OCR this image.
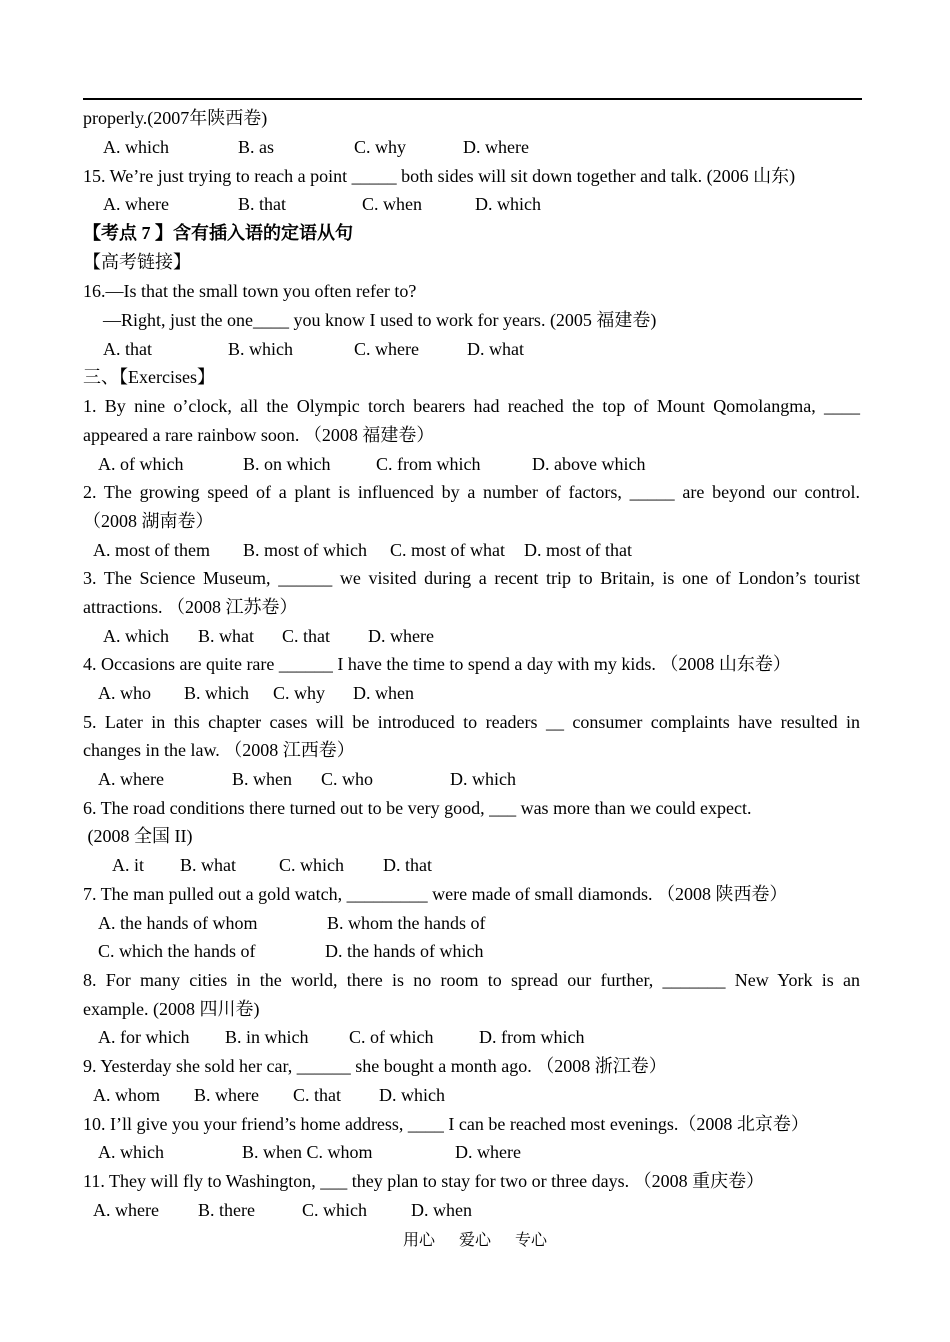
properly.(2007年陕西卷)

A. which

	B. as

	C. why

	D. where

15. We’re just trying to reach a point _____ both sides will sit down together and talk. (2006 山东)

A. where

	B. that

	C. when

	D. which

【考点 7 】含有插入语的定语从句
【高考链接】
16.—Is that the small town you often refer to?
—Right, just the one____ you know I used to work for years. (2005 福建卷)

A. that

	B. which

	C. where

	D. what

三、【Exercises】
1. By nine o’clock, all the Olympic torch bearers had reached the top of Mount Qomolangma, ____
appeared a rare rainbow soon. （2008 福建卷）

A. of which

	B. on which

	C. from which

	D. above which

2. The growing speed of a plant is influenced by a number of factors, _____ are beyond our control.
（2008 湖南卷）

A. most of them

B. most of which

C. most of what

D. most of that

3. The Science Museum, ______ we visited during a recent trip to Britain, is one of London’s tourist
attractions. （2008 江苏卷）

A. which

B. what

C. that

D. where

4. Occasions are quite rare ______ I have the time to spend a day with my kids. （2008 山东卷）

A. who

B. which

C. why

D. when

5. Later in this chapter cases will be introduced to readers __ consumer complaints have resulted in
changes in the law. （2008 江西卷）

A. where

	B. when

C. who

	D. which

6. The road conditions there turned out to be very good, ___ was more than we could expect.
(2008 全国 II)

A. it

B. what

C. which

D. that

7. The man pulled out a gold watch, _________ were made of small diamonds. （2008 陕西卷）

A. the hands of whom

	B. whom the hands of

C. which the hands of

	D. the hands of which

8. For many cities in the world, there is no room to spread our further, _______ New York is an
example. (2008 四川卷)

A. for which

B. in which

C. of which

	D. from which

9. Yesterday she sold her car, ______ she bought a month ago. （2008 浙江卷）

A. whom

B. where

C. that

D. which

10. I’ll give you your friend’s home address, ____ I can be reached most evenings.（2008 北京卷）

A. which

	B. when C. whom

	D. where

11. They will fly to Washington, ___ they plan to stay for two or three days. （2008 重庆卷）

A. where

B. there

	C. which

D. when

用心 爱心 专心
